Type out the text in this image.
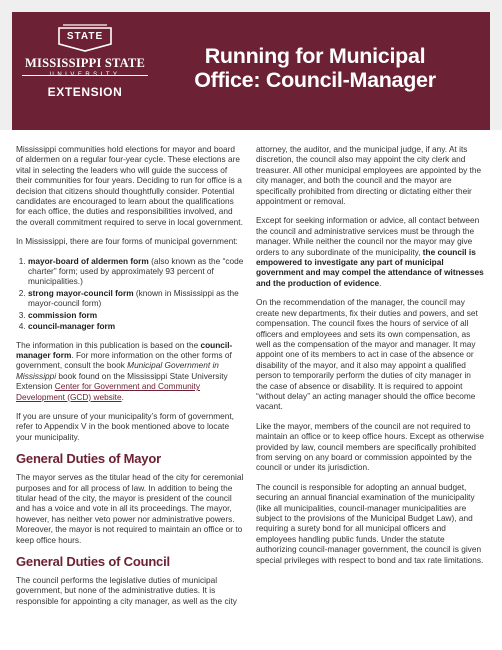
STATE
MISSISSIPPI STATE
EXTENSION
Running for Municipal
Office: Council-Manager

Mississippi communities hold elections for mayor and board of aldermen on a regular four-year cycle. These elections are vital in selecting the leaders who will guide the success of their communities for four years. Deciding to run for office is a decision that citizens should thoughtfully consider. Potential candidates are encouraged to learn about the qualifications for each office, the duties and responsibilities involved, and the overall commitment required to serve in local government.

In Mississippi, there are four forms of municipal government:

1. mayor-board of aldermen form (also known as the “code charter” form; used by approximately 93 percent of municipalities.)
2. strong mayor-council form (known in Mississippi as the mayor-council form)
3. commission form
4. council-manager form

The information in this publication is based on the council-manager form. For more information on the other forms of government, consult the book Municipal Government in Mississippi book found on the Mississippi State University Extension Center for Government and Community Development (GCD) website.

If you are unsure of your municipality’s form of government, refer to Appendix V in the book mentioned above to locate your municipality.

General Duties of Mayor

The mayor serves as the titular head of the city for ceremonial purposes and for all process of law. In addition to being the titular head of the city, the mayor is president of the council and has a voice and vote in all its proceedings. The mayor, however, has neither veto power nor administrative powers. Moreover, the mayor is not required to maintain an office or to keep office hours.

General Duties of Council

The council performs the legislative duties of municipal government, but none of the administrative duties. It is responsible for appointing a city manager, as well as the city

attorney, the auditor, and the municipal judge, if any. At its discretion, the council also may appoint the city clerk and treasurer. All other municipal employees are appointed by the city manager, and both the council and the mayor are specifically prohibited from directing or dictating either their appointment or removal.

Except for seeking information or advice, all contact between the council and administrative services must be through the manager. While neither the council nor the mayor may give orders to any subordinate of the municipality, the council is empowered to investigate any part of municipal government and may compel the attendance of witnesses and the production of evidence.

On the recommendation of the manager, the council may create new departments, fix their duties and powers, and set compensation. The council fixes the hours of service of all officers and employees and sets its own compensation, as well as the compensation of the mayor and manager. It may appoint one of its members to act in case of the absence or disability of the mayor, and it also may appoint a qualified person to temporarily perform the duties of city manager in the case of absence or disability. It is required to appoint “without delay” an acting manager should the office become vacant.

Like the mayor, members of the council are not required to maintain an office or to keep office hours. Except as otherwise provided by law, council members are specifically prohibited from serving on any board or commission appointed by the council or under its jurisdiction.

The council is responsible for adopting an annual budget, securing an annual financial examination of the municipality (like all municipalities, council-manager municipalities are subject to the provisions of the Municipal Budget Law), and requiring a surety bond for all municipal officers and employees handling public funds. Under the statute authorizing council-manager government, the council is given special privileges with respect to bond and tax rate limitations.
